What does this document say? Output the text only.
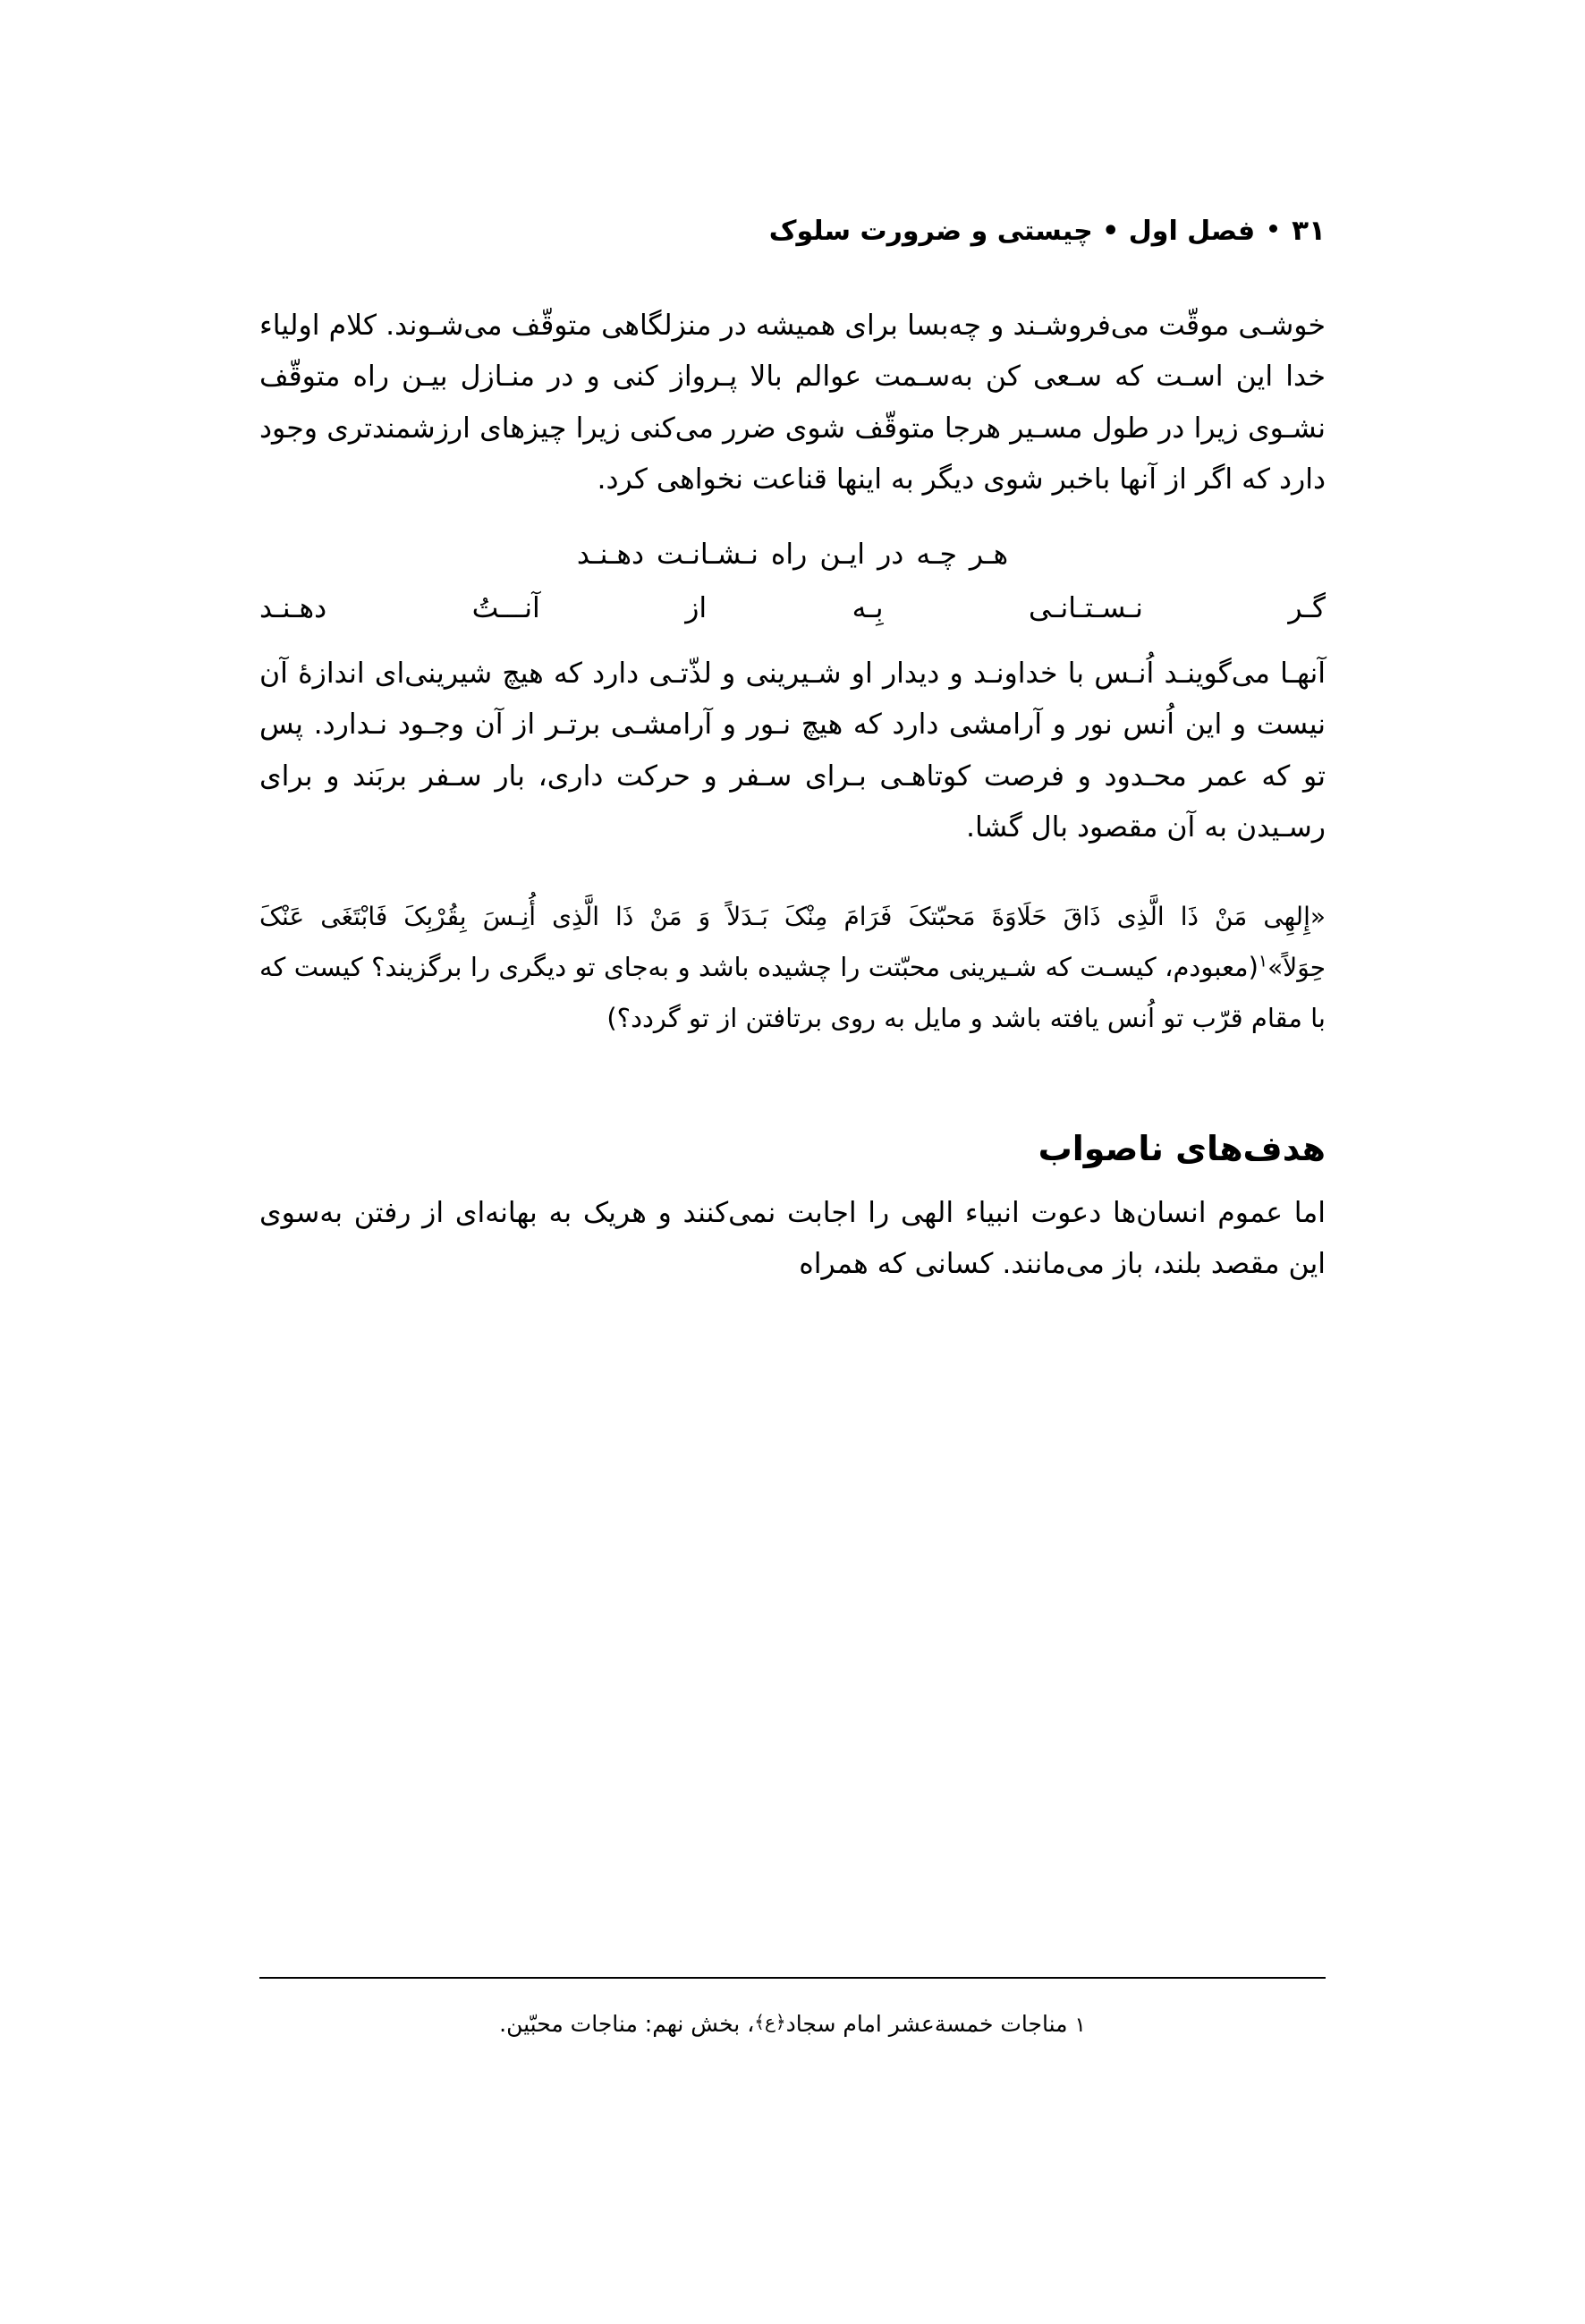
۳۱
فصل اول • چیستی و ضرورت سلوک

خوشـی موقّت می‌فروشـند و چه‌بسا برای همیشه در منزلگاهی متوقّف می‌شـوند. کلام اولیاء خدا این اسـت که سـعی کن به‌سـمت عوالم بالا پـرواز کنی و در منـازل بیـن راه متوقّف نشـوی زیرا در طول مسـیر هرجا متوقّف شوی ضرر می‌کنی زیرا چیزهای ارزشمندتری وجود دارد که اگر از آنها باخبر شوی دیگر به اینها قناعت نخواهی کرد.

هـر چـه در ایـن راه نـشـانـت دهـنـد
گـر نـسـتـانـی بِـه از آنـــتُ دهـنـد

آنهـا می‌گوینـد اُنـس با خداونـد و دیدار او شـیرینی و لذّتـی دارد که هیچ شیرینی‌ای اندازهٔ آن نیست و این اُنس نور و آرامشی دارد که هیچ نـور و آرامشـی برتـر از آن وجـود نـدارد. پس تو که عمر محـدود و فرصت کوتاهـی بـرای سـفر و حرکت داری، بار سـفر بربَند و برای رسـیدن به آن مقصود بال گشا.

«إِلهِی مَنْ ذَا الَّذِی ذَاقَ حَلَاوَةَ مَحبّتکَ فَرَامَ مِنْکَ بَـدَلاً وَ مَنْ ذَا الَّذِی أُنِـسَ بِقُرْبِکَ فَابْتَغَی عَنْکَ حِوَلاً»$^۱$(معبودم، کیسـت که شـیرینی محبّتت را چشیده باشد و به‌جای تو دیگری را برگزیند؟ کیست که با مقام قرّب تو اُنس یافته باشد و مایل به روی برتافتن از تو گردد؟)
هدف‌های ناصواب

اما عموم انسان‌ها دعوت انبیاء الهی را اجابت نمی‌کنند و هریک به بهانه‌ای از رفتن به‌سوی این مقصد بلند، باز می‌مانند. کسانی که همراه

۱ مناجات خمسة‌عشر امام سجاد﴿ع﴾، بخش نهم: مناجات محبّین.
